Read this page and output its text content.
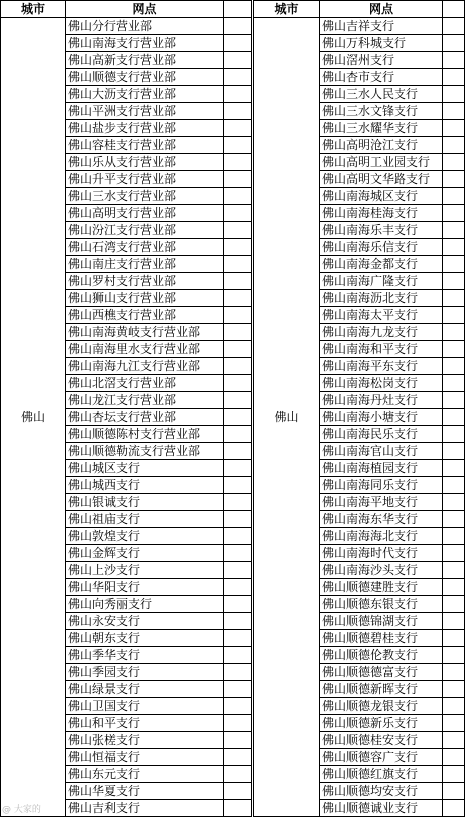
城市	网点	
佛山	佛山分行营业部	
	佛山南海支行营业部	
	佛山高新支行营业部	
	佛山顺德支行营业部	
	佛山大沥支行营业部	
	佛山平洲支行营业部	
	佛山盐步支行营业部	
	佛山容桂支行营业部	
	佛山乐从支行营业部	
	佛山升平支行营业部	
	佛山三水支行营业部	
	佛山高明支行营业部	
	佛山汾江支行营业部	
	佛山石湾支行营业部	
	佛山南庄支行营业部	
	佛山罗村支行营业部	
	佛山狮山支行营业部	
	佛山西樵支行营业部	
	佛山南海黄岐支行营业部	
	佛山南海里水支行营业部	
	佛山南海九江支行营业部	
	佛山北滘支行营业部	
	佛山龙江支行营业部	
	佛山杏坛支行营业部	
	佛山顺德陈村支行营业部	
	佛山顺德勒流支行营业部	
	佛山城区支行	
	佛山城西支行	
	佛山银诚支行	
	佛山祖庙支行	
	佛山敦煌支行	
	佛山金辉支行	
	佛山上沙支行	
	佛山华阳支行	
	佛山向秀丽支行	
	佛山永安支行	
	佛山朝东支行	
	佛山季华支行	
	佛山季园支行	
	佛山绿景支行	
	佛山卫国支行	
	佛山和平支行	
	佛山张槎支行	
	佛山恒福支行	
	佛山东元支行	
	佛山华夏支行	
	佛山吉利支行	
城市	网点	
佛山	佛山吉祥支行	
	佛山万科城支行	
	佛山滘州支行	
	佛山杏市支行	
	佛山三水人民支行	
	佛山三水文锋支行	
	佛山三水耀华支行	
	佛山高明沧江支行	
	佛山高明工业园支行	
	佛山高明文华路支行	
	佛山南海城区支行	
	佛山南海桂海支行	
	佛山南海乐丰支行	
	佛山南海乐信支行	
	佛山南海金都支行	
	佛山南海广隆支行	
	佛山南海沥北支行	
	佛山南海太平支行	
	佛山南海九龙支行	
	佛山南海和平支行	
	佛山南海平东支行	
	佛山南海松岗支行	
	佛山南海丹灶支行	
	佛山南海小塘支行	
	佛山南海民乐支行	
	佛山南海官山支行	
	佛山南海植园支行	
	佛山南海同乐支行	
	佛山南海平地支行	
	佛山南海东华支行	
	佛山南海海北支行	
	佛山南海时代支行	
	佛山南海沙头支行	
	佛山顺德建胜支行	
	佛山顺德东银支行	
	佛山顺德锦湖支行	
	佛山顺德碧桂支行	
	佛山顺德伦教支行	
	佛山顺德德富支行	
	佛山顺德新晖支行	
	佛山顺德龙银支行	
	佛山顺德新乐支行	
	佛山顺德桂安支行	
	佛山顺德容广支行	
	佛山顺德红旗支行	
	佛山顺德均安支行	
	佛山顺德诚业支行	
@ 大家的
